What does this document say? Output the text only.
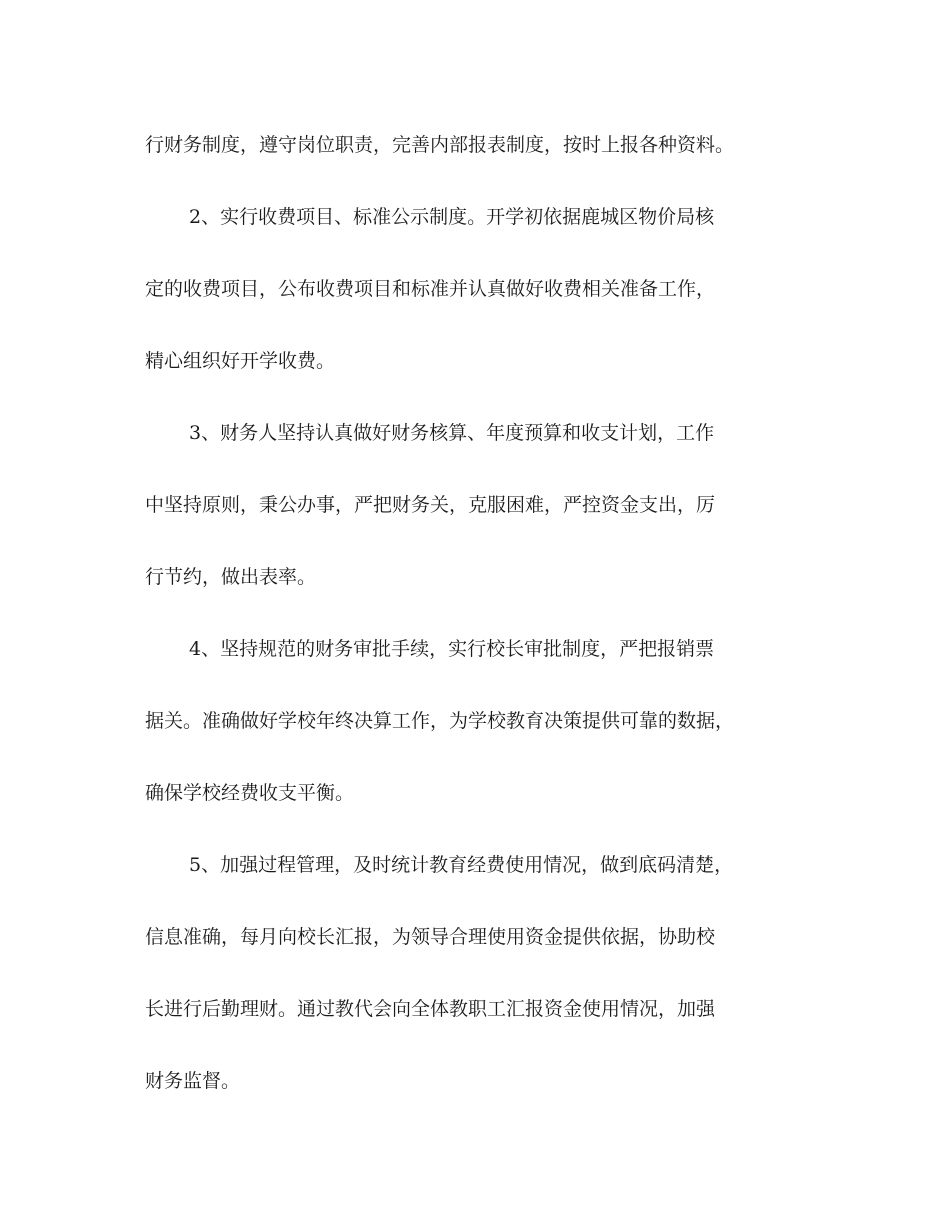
行财务制度，遵守岗位职责，完善内部报表制度，按时上报各种资料。
2、实行收费项目、标准公示制度。开学初依据鹿城区物价局核
定的收费项目，公布收费项目和标准并认真做好收费相关准备工作，
精心组织好开学收费。
3、财务人坚持认真做好财务核算、年度预算和收支计划，工作
中坚持原则，秉公办事，严把财务关，克服困难，严控资金支出，厉
行节约，做出表率。
4、坚持规范的财务审批手续，实行校长审批制度，严把报销票
据关。准确做好学校年终决算工作，为学校教育决策提供可靠的数据，
确保学校经费收支平衡。
5、加强过程管理，及时统计教育经费使用情况，做到底码清楚，
信息准确，每月向校长汇报，为领导合理使用资金提供依据，协助校
长进行后勤理财。通过教代会向全体教职工汇报资金使用情况，加强
财务监督。
